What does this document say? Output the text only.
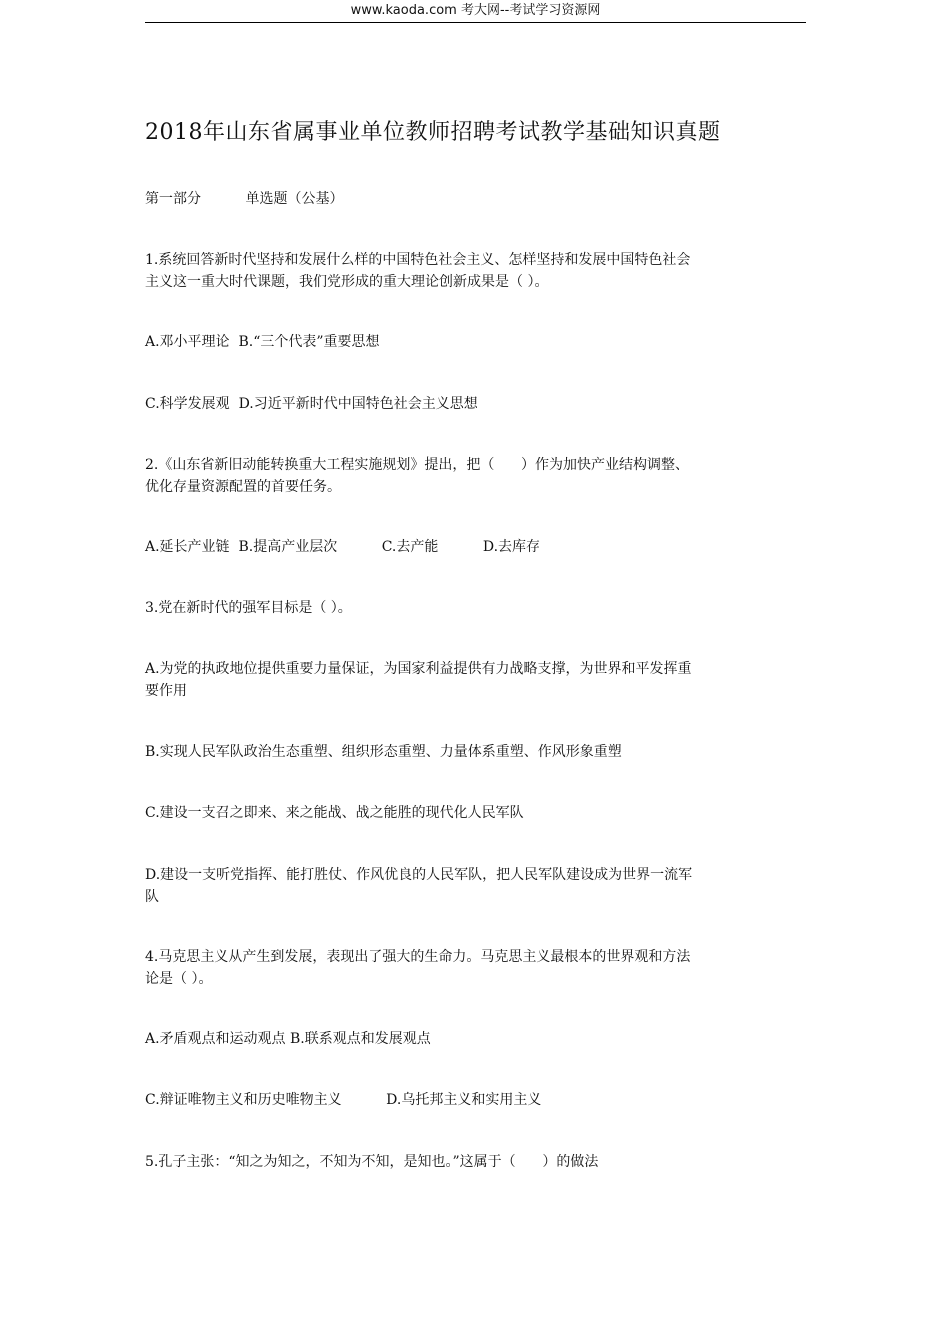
www.kaoda.com 考大网--考试学习资源网
2018年山东省属事业单位教师招聘考试教学基础知识真题
第一部分          单选题（公基）
1.系统回答新时代坚持和发展什么样的中国特色社会主义、怎样坚持和发展中国特色社会
主义这一重大时代课题，我们党形成的重大理论创新成果是（ ）。
A.邓小平理论  B.“三个代表”重要思想
C.科学发展观  D.习近平新时代中国特色社会主义思想
2.《山东省新旧动能转换重大工程实施规划》提出，把（      ）作为加快产业结构调整、
优化存量资源配置的首要任务。
A.延长产业链  B.提高产业层次          C.去产能          D.去库存
3.党在新时代的强军目标是（ ）。
A.为党的执政地位提供重要力量保证，为国家利益提供有力战略支撑，为世界和平发挥重
要作用
B.实现人民军队政治生态重塑、组织形态重塑、力量体系重塑、作风形象重塑
C.建设一支召之即来、来之能战、战之能胜的现代化人民军队
D.建设一支听党指挥、能打胜仗、作风优良的人民军队，把人民军队建设成为世界一流军
队
4.马克思主义从产生到发展，表现出了强大的生命力。马克思主义最根本的世界观和方法
论是（ ）。
A.矛盾观点和运动观点 B.联系观点和发展观点
C.辩证唯物主义和历史唯物主义          D.乌托邦主义和实用主义
5.孔子主张：“知之为知之，不知为不知，是知也。”这属于（      ）的做法
